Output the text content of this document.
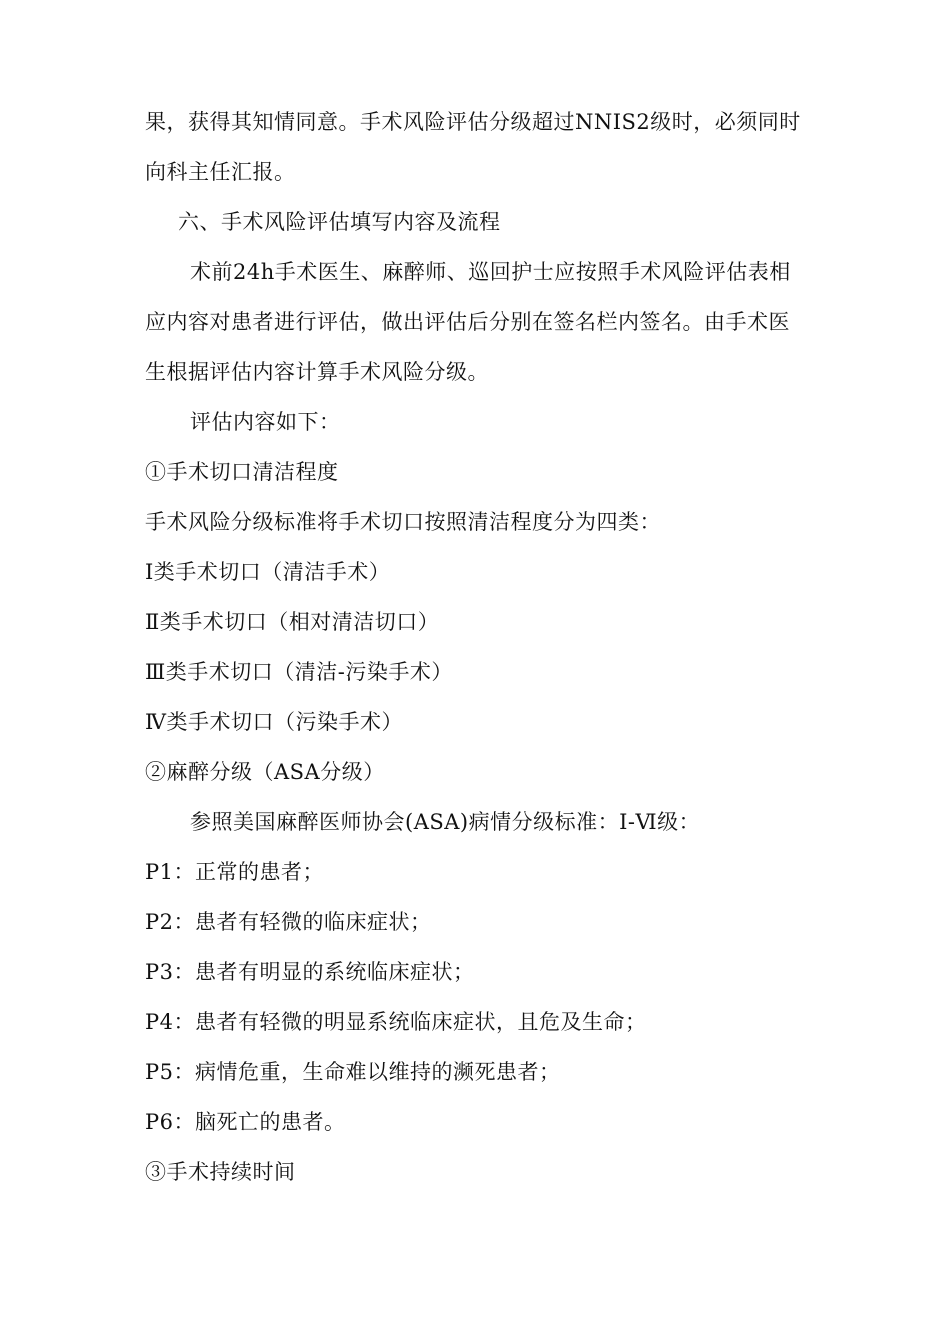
果，获得其知情同意。手术风险评估分级超过NNIS2级时，必须同时
向科主任汇报。
六、手术风险评估填写内容及流程
术前24h手术医生、麻醉师、巡回护士应按照手术风险评估表相
应内容对患者进行评估，做出评估后分别在签名栏内签名。由手术医
生根据评估内容计算手术风险分级。
评估内容如下：
①手术切口清洁程度
手术风险分级标准将手术切口按照清洁程度分为四类：
Ⅰ类手术切口（清洁手术）
Ⅱ类手术切口（相对清洁切口）
Ⅲ类手术切口（清洁-污染手术）
Ⅳ类手术切口（污染手术）
②麻醉分级（ASA分级）
参照美国麻醉医师协会(ASA)病情分级标准：I-Ⅵ级：
P1：正常的患者；
P2：患者有轻微的临床症状；
P3：患者有明显的系统临床症状；
P4：患者有轻微的明显系统临床症状，且危及生命；
P5：病情危重，生命难以维持的濒死患者；
P6：脑死亡的患者。
③手术持续时间
